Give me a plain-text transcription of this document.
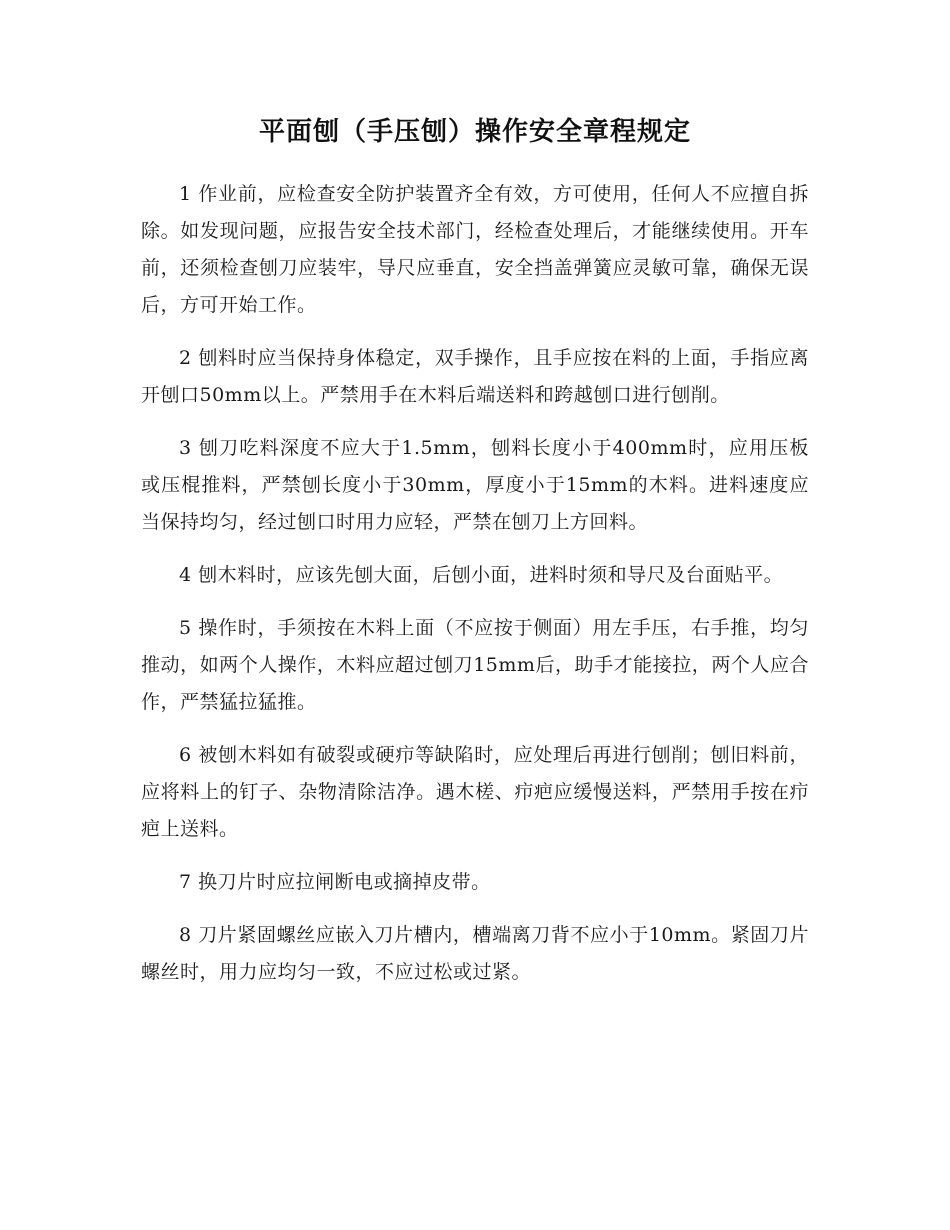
平面刨（手压刨）操作安全章程规定

1 作业前，应检查安全防护装置齐全有效，方可使用，任何人不应擅自拆除。如发现问题，应报告安全技术部门，经检查处理后，才能继续使用。开车前，还须检查刨刀应装牢，导尺应垂直，安全挡盖弹簧应灵敏可靠，确保无误后，方可开始工作。

2 刨料时应当保持身体稳定，双手操作，且手应按在料的上面，手指应离开刨口50mm以上。严禁用手在木料后端送料和跨越刨口进行刨削。

3 刨刀吃料深度不应大于1.5mm，刨料长度小于400mm时，应用压板或压棍推料，严禁刨长度小于30mm，厚度小于15mm的木料。进料速度应当保持均匀，经过刨口时用力应轻，严禁在刨刀上方回料。

4 刨木料时，应该先刨大面，后刨小面，进料时须和导尺及台面贴平。

5 操作时，手须按在木料上面（不应按于侧面）用左手压，右手推，均匀推动，如两个人操作，木料应超过刨刀15mm后，助手才能接拉，两个人应合作，严禁猛拉猛推。

6 被刨木料如有破裂或硬疖等缺陷时，应处理后再进行刨削；刨旧料前，应将料上的钉子、杂物清除洁净。遇木槎、疖疤应缓慢送料，严禁用手按在疖疤上送料。

7 换刀片时应拉闸断电或摘掉皮带。

8 刀片紧固螺丝应嵌入刀片槽内，槽端离刀背不应小于10mm。紧固刀片螺丝时，用力应均匀一致，不应过松或过紧。
